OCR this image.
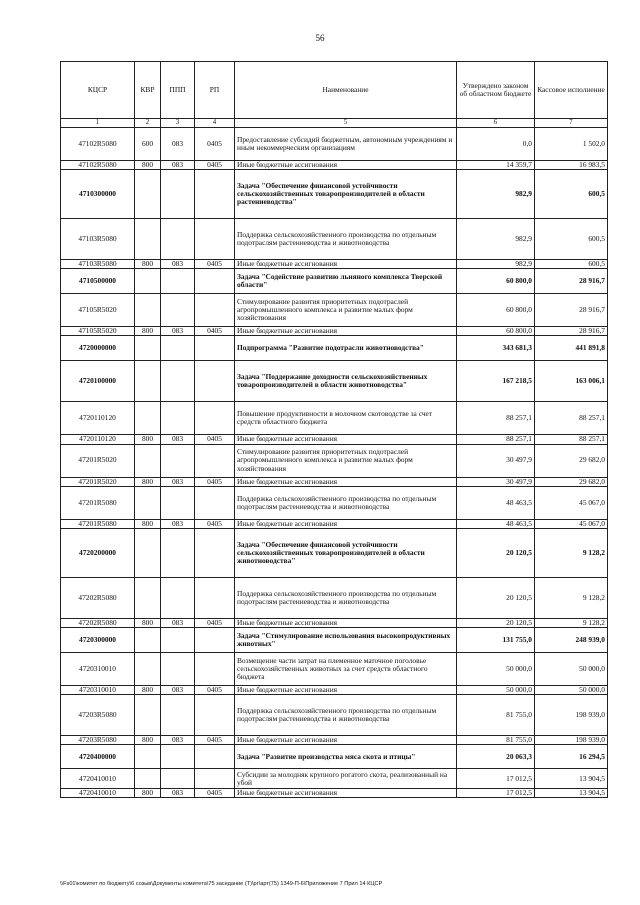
56
КЦСР	КВР	ППП	РП	Наименование	Утверждено законом об областном бюджете	Кассовое исполнение
1	2	3	4	5	6	7
47102R5080	600	083	0405	Предоставление субсидий бюджетным, автономным учреждениям и иным некоммерческим организациям	0,0	1 502,0
47102R5080	800	083	0405	Иные бюджетные ассигнования	14 359,7	16 983,5
4710300000				Задача "Обеспечение финансовой устойчивости сельскохозяйственных товаропроизводителей в области растениеводства"	982,9	600,5
47103R5080				Поддержка сельскохозяйственного производства по отдельным подотраслям растениеводства и животноводства	982,9	600,5
47103R5080	800	083	0405	Иные бюджетные ассигнования	982,9	600,5
4710500000				Задача "Содействие развитию льняного комплекса Тверской области"	60 800,0	28 916,7
47105R5020				Стимулирование развития приоритетных подотраслей агропромышленного комплекса и развитие малых форм хозяйствования	60 800,0	28 916,7
47105R5020	800	083	0405	Иные бюджетные ассигнования	60 800,0	28 916,7
4720000000				Подпрограмма "Развитие подотрасли животноводства"	343 681,3	441 891,8
4720100000				Задача "Поддержание доходности сельскохозяйственных товаропроизводителей в области животноводства"	167 218,5	163 006,1
4720110120				Повышение продуктивности в молочном скотоводстве за счет средств областного бюджета	88 257,1	88 257,1
4720110120	800	083	0405	Иные бюджетные ассигнования	88 257,1	88 257,1
47201R5020				Стимулирование развития приоритетных подотраслей агропромышленного комплекса и развитие малых форм хозяйствования	30 497,9	29 682,0
47201R5020	800	083	0405	Иные бюджетные ассигнования	30 497,9	29 682,0
47201R5080				Поддержка сельскохозяйственного производства по отдельным подотраслям растениеводства и животноводства	48 463,5	45 067,0
47201R5080	800	083	0405	Иные бюджетные ассигнования	48 463,5	45 067,0
4720200000				Задача "Обеспечение финансовой устойчивости сельскохозяйственных товаропроизводителей в области животноводства"	20 120,5	9 128,2
47202R5080				Поддержка сельскохозяйственного производства по отдельным подотраслям растениеводства и животноводства	20 120,5	9 128,2
47202R5080	800	083	0405	Иные бюджетные ассигнования	20 120,5	9 128,2
4720300000				Задача "Стимулирование использования высокопродуктивных животных"	131 755,0	248 939,0
4720310010				Возмещение части затрат на племенное маточное поголовье сельскохозяйственных животных за счет средств областного бюджета	50 000,0	50 000,0
4720310010	800	083	0405	Иные бюджетные ассигнования	50 000,0	50 000,0
47203R5080				Поддержка сельскохозяйственного производства по отдельным подотраслям растениеводства и животноводства	81 755,0	198 939,0
47203R5080	800	083	0405	Иные бюджетные ассигнования	81 755,0	198 939,0
4720400000				Задача "Развитие производства мяса скота и птицы"	20 063,3	16 294,5
4720410010				Субсидии за молодняк крупного рогатого скота, реализованный на убой	17 012,5	13 904,5
4720410010	800	083	0405	Иные бюджетные ассигнования	17 012,5	13 904,5
\\Fs01\комитет по бюджету\6 созыв\Документы комитета\75 заседание (Т)\рг\арт(75) 1349-П-6\Приложение 7 Прил 14 КЦСР
